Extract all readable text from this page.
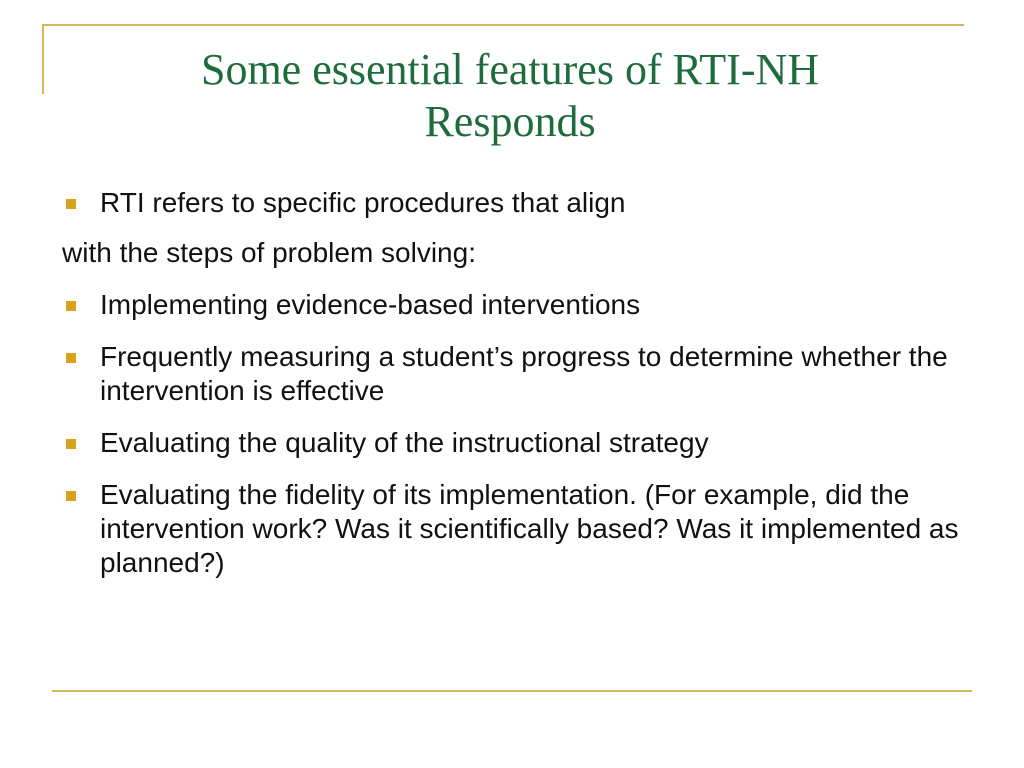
Some essential features of RTI-NH
Responds
RTI refers to specific procedures that align
with the steps of problem solving:
Implementing evidence-based interventions
Frequently measuring a student’s progress to determine whether the intervention is effective
Evaluating the quality of the instructional strategy
Evaluating the fidelity of its implementation. (For example, did the intervention work? Was it scientifically based? Was it implemented as planned?)
